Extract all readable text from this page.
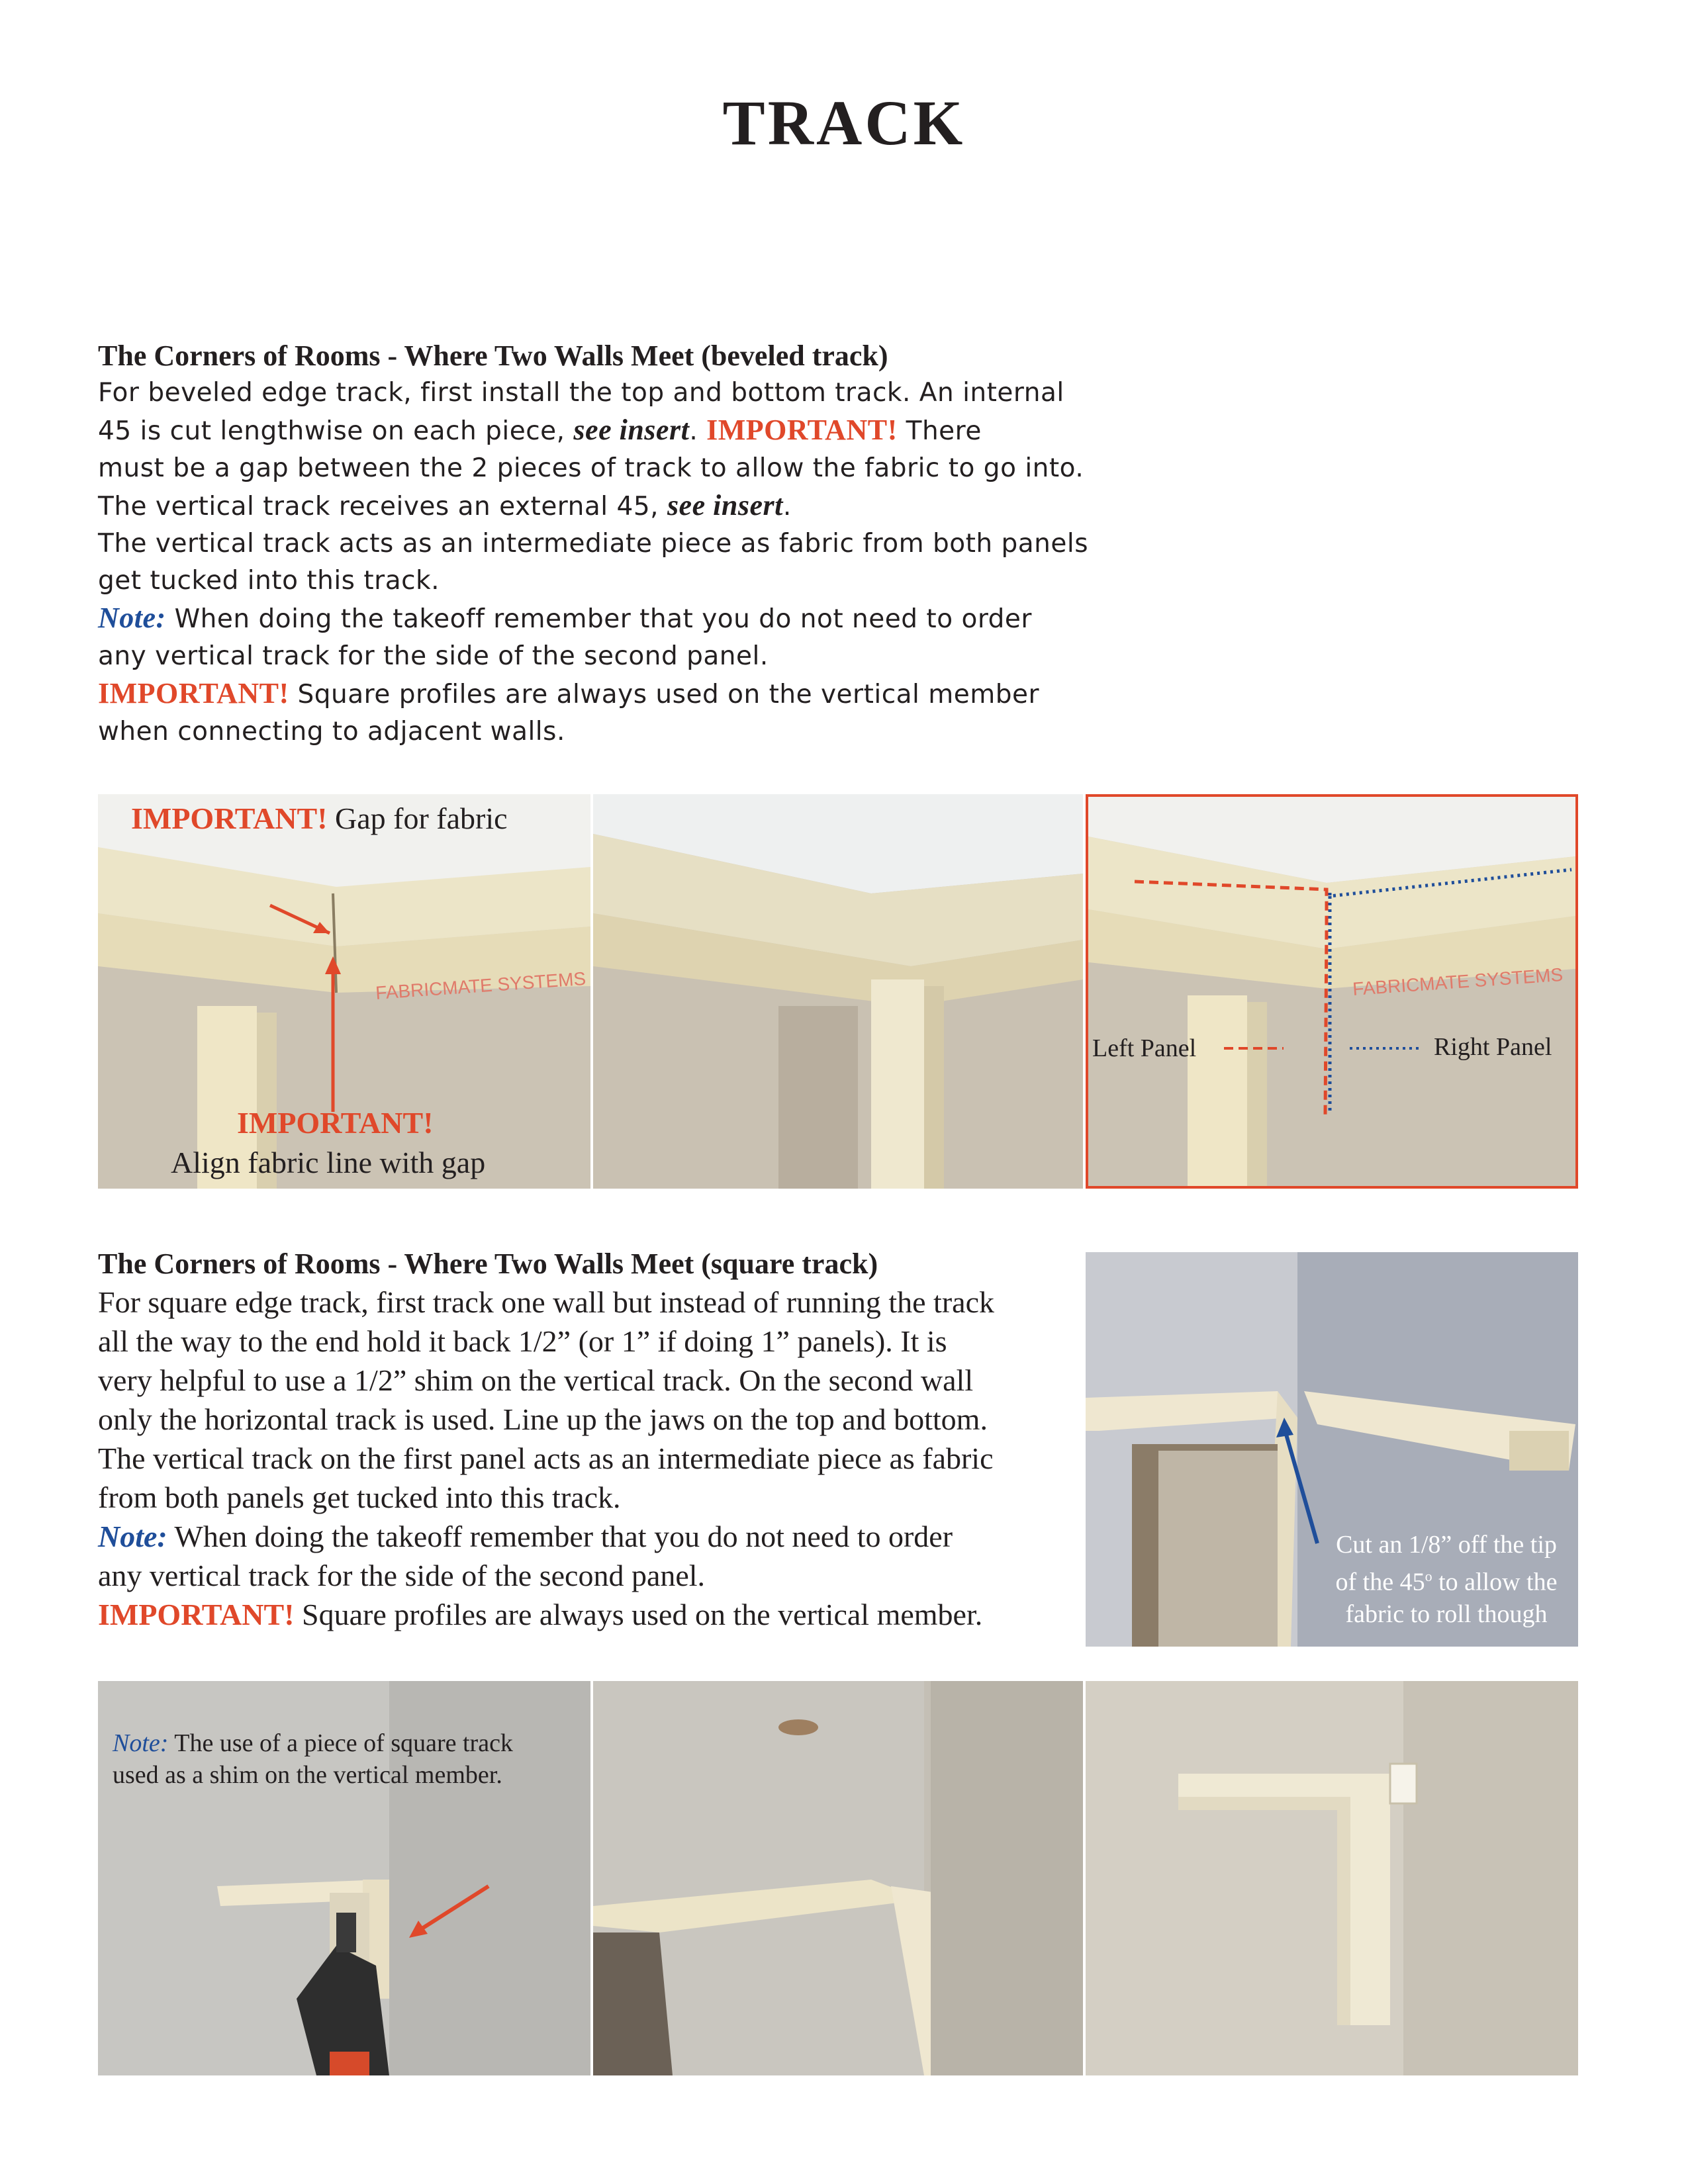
TRACK
The Corners of Rooms - Where Two Walls Meet (beveled track)
For beveled edge track, first install the top and bottom track. An internal
45 is cut lengthwise on each piece, see insert. IMPORTANT! There
must be a gap between the 2 pieces of track to allow the fabric to go into.
The vertical track receives an external 45, see insert.
The vertical track acts as an intermediate piece as fabric from both panels
get tucked into this track.
Note: When doing the takeoff remember that you do not need to order
any vertical track for the side of the second panel.
IMPORTANT! Square profiles are always used on the vertical member
when connecting to adjacent walls.
FABRICMATE SYSTEMS
IMPORTANT! Gap for fabric
IMPORTANT!
Align fabric line with gap
FABRICMATE SYSTEMS
Left Panel	Right Panel
The Corners of Rooms - Where Two Walls Meet (square track)
For square edge track, first track one wall but instead of running the track
all the way to the end hold it back 1/2” (or 1” if doing 1” panels). It is
very helpful to use a 1/2” shim on the vertical track. On the second wall
only the horizontal track is used. Line up the jaws on the top and bottom.
The vertical track on the first panel acts as an intermediate piece as fabric
from both panels get tucked into this track.
Note: When doing the takeoff remember that you do not need to order
any vertical track for the side of the second panel.
IMPORTANT! Square profiles are always used on the vertical member.
Cut an 1/8” off the tip
of the 45$^o$ to allow the
fabric to roll though
Note: The use of a piece of square track
used as a shim on the vertical member.
